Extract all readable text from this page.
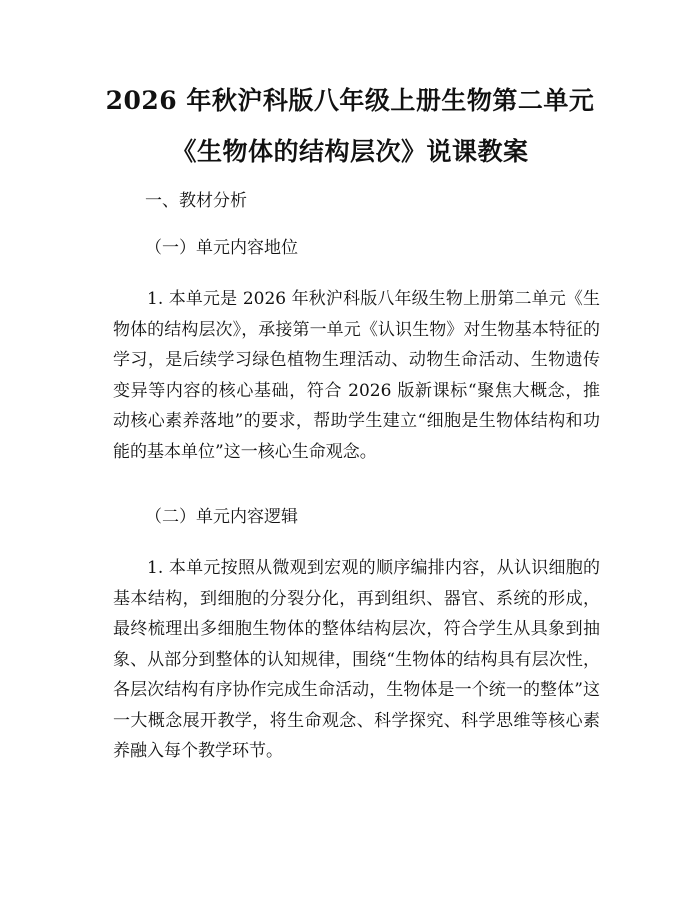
2026 年秋沪科版八年级上册生物第二单元
《生物体的结构层次》说课教案
一、教材分析
（一）单元内容地位
1. 本单元是 2026 年秋沪科版八年级生物上册第二单元《生物体的结构层次》，承接第一单元《认识生物》对生物基本特征的学习，是后续学习绿色植物生理活动、动物生命活动、生物遗传变异等内容的核心基础，符合 2026 版新课标“聚焦大概念，推动核心素养落地”的要求，帮助学生建立“细胞是生物体结构和功能的基本单位”这一核心生命观念。
（二）单元内容逻辑
1. 本单元按照从微观到宏观的顺序编排内容，从认识细胞的基本结构，到细胞的分裂分化，再到组织、器官、系统的形成，最终梳理出多细胞生物体的整体结构层次，符合学生从具象到抽象、从部分到整体的认知规律，围绕“生物体的结构具有层次性，各层次结构有序协作完成生命活动，生物体是一个统一的整体”这一大概念展开教学，将生命观念、科学探究、科学思维等核心素养融入每个教学环节。
